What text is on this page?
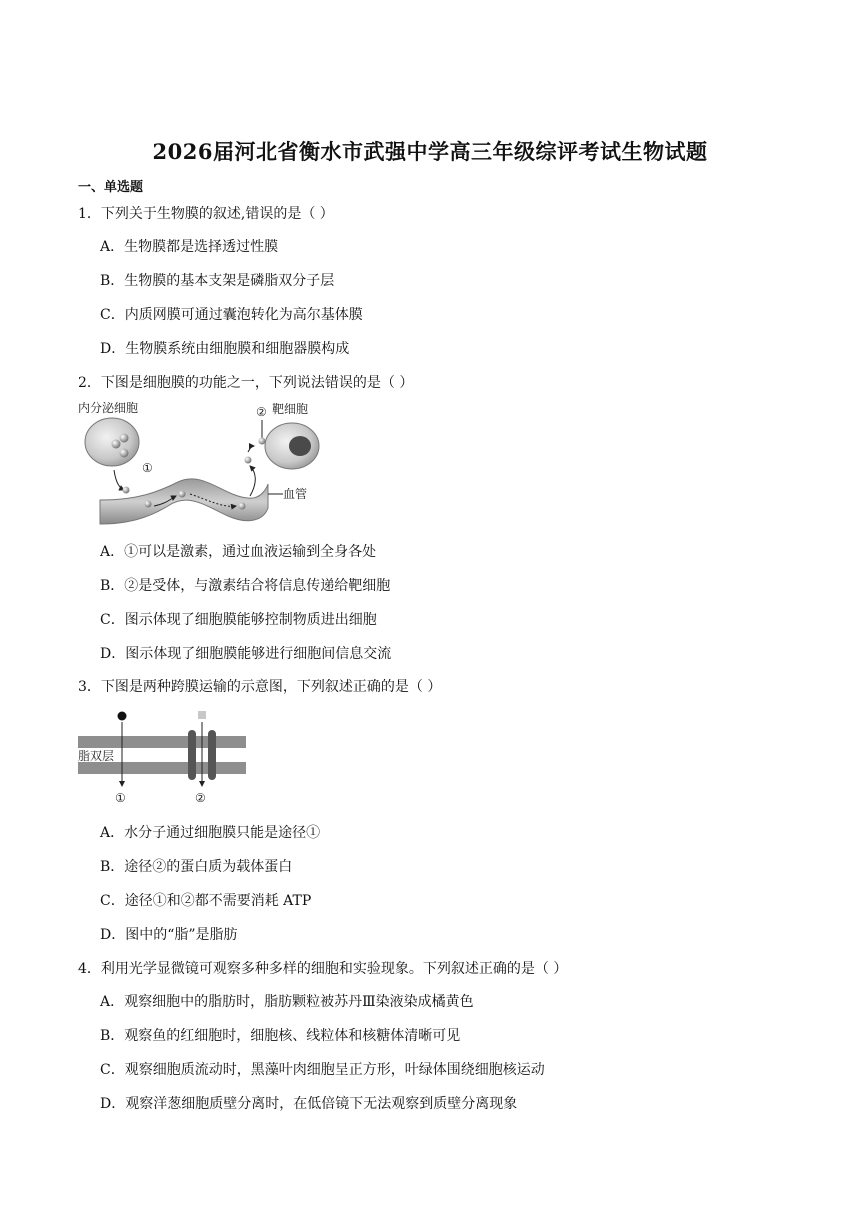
2026届河北省衡水市武强中学高三年级综评考试生物试题
一、单选题
1．下列关于生物膜的叙述,错误的是（ ）
A．生物膜都是选择透过性膜
B．生物膜的基本支架是磷脂双分子层
C．内质网膜可通过囊泡转化为高尔基体膜
D．生物膜系统由细胞膜和细胞器膜构成
2．下图是细胞膜的功能之一，下列说法错误的是（ ）
内分泌细胞
血管
①
② 靶细胞
A．①可以是激素，通过血液运输到全身各处
B．②是受体，与激素结合将信息传递给靶细胞
C．图示体现了细胞膜能够控制物质进出细胞
D．图示体现了细胞膜能够进行细胞间信息交流
3．下图是两种跨膜运输的示意图，下列叙述正确的是（ ）
脂双层
①	②
A．水分子通过细胞膜只能是途径①
B．途径②的蛋白质为载体蛋白
C．途径①和②都不需要消耗 ATP
D．图中的“脂”是脂肪
4．利用光学显微镜可观察多种多样的细胞和实验现象。下列叙述正确的是（ ）
A．观察细胞中的脂肪时，脂肪颗粒被苏丹Ⅲ染液染成橘黄色
B．观察鱼的红细胞时，细胞核、线粒体和核糖体清晰可见
C．观察细胞质流动时，黑藻叶肉细胞呈正方形，叶绿体围绕细胞核运动
D．观察洋葱细胞质壁分离时，在低倍镜下无法观察到质壁分离现象
